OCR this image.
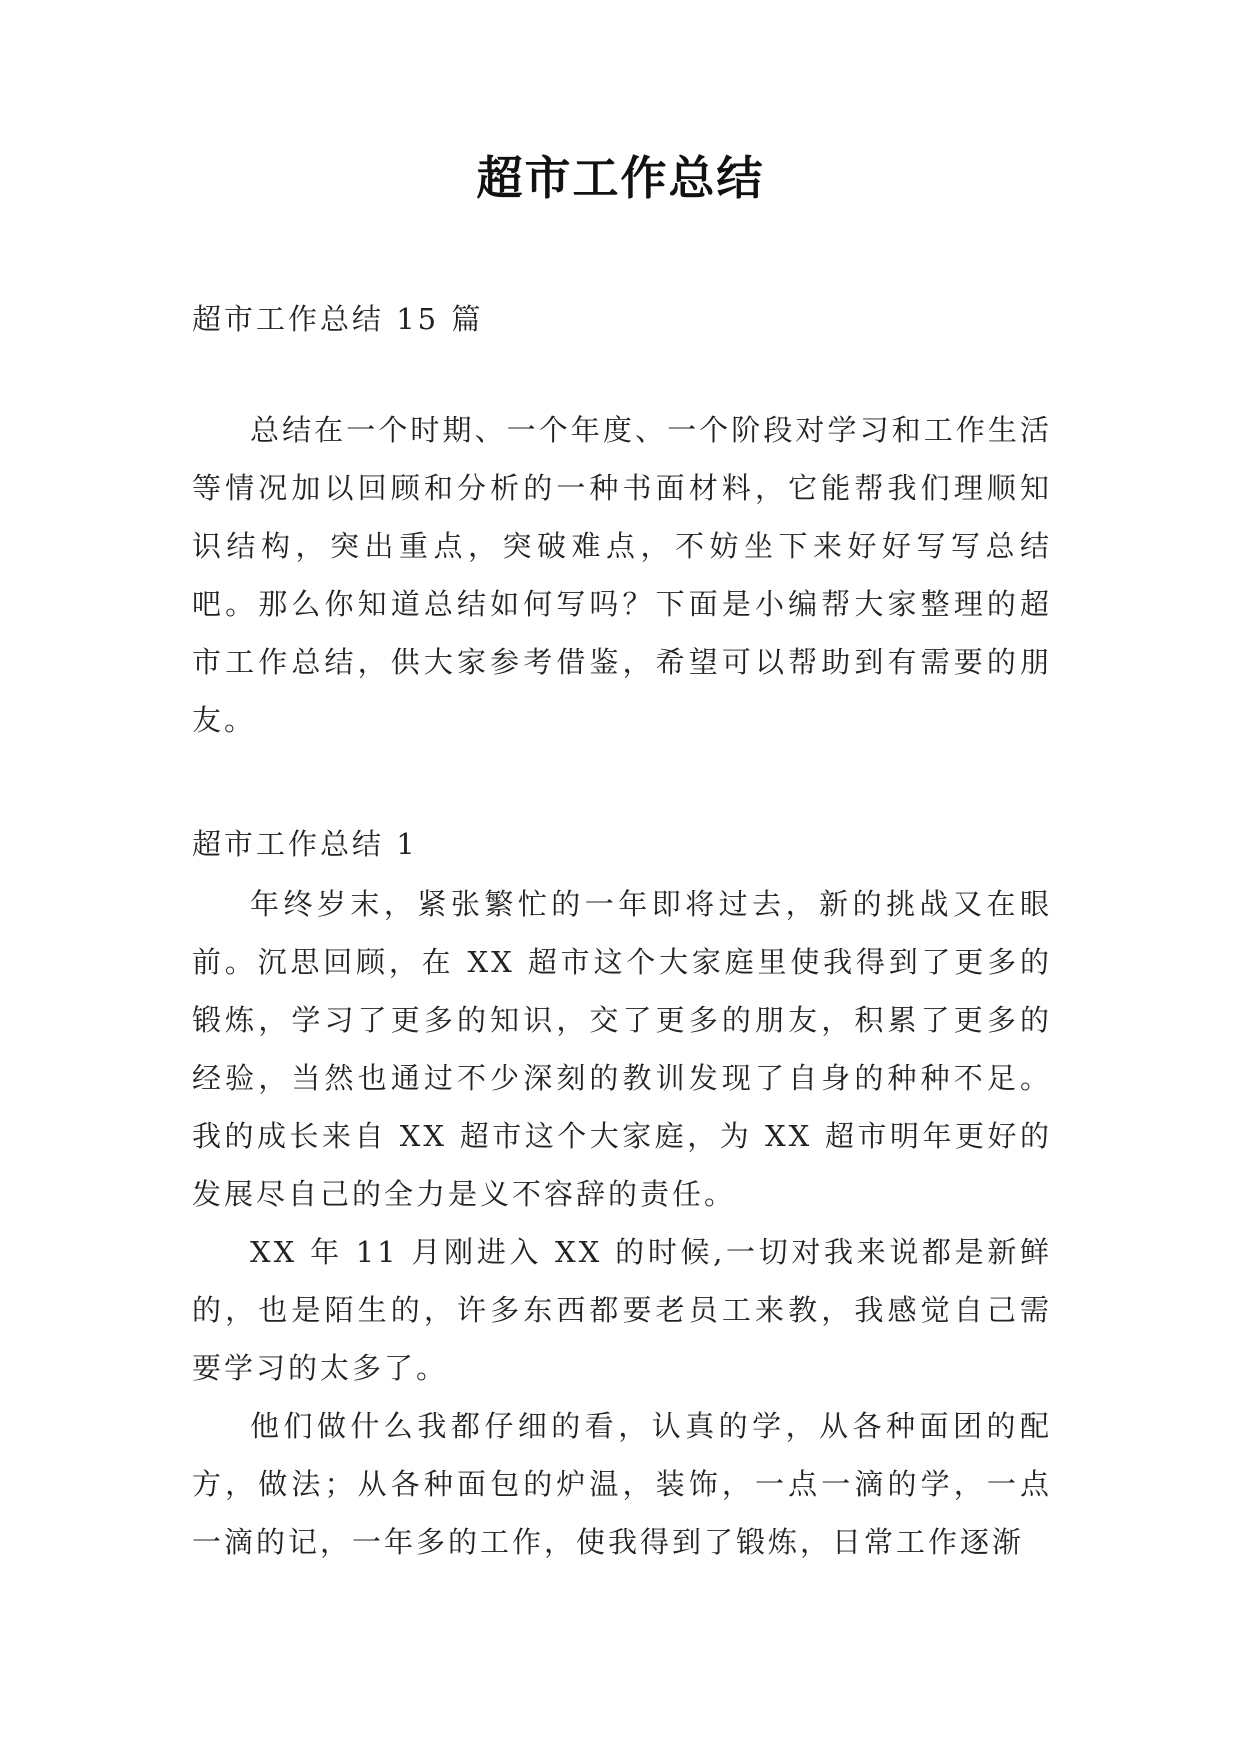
超市工作总结
超市工作总结 15 篇

总结在一个时期、一个年度、一个阶段对学习和工作生活等情况加以回顾和分析的一种书面材料，它能帮我们理顺知识结构，突出重点，突破难点，不妨坐下来好好写写总结吧。那么你知道总结如何写吗？下面是小编帮大家整理的超市工作总结，供大家参考借鉴，希望可以帮助到有需要的朋友。

超市工作总结 1

年终岁末，紧张繁忙的一年即将过去，新的挑战又在眼前。沉思回顾，在 XX 超市这个大家庭里使我得到了更多的锻炼，学习了更多的知识，交了更多的朋友，积累了更多的经验，当然也通过不少深刻的教训发现了自身的种种不足。我的成长来自 XX 超市这个大家庭，为 XX 超市明年更好的发展尽自己的全力是义不容辞的责任。

XX 年 11 月刚进入 XX 的时候,一切对我来说都是新鲜的，也是陌生的，许多东西都要老员工来教，我感觉自己需要学习的太多了。

他们做什么我都仔细的看，认真的学，从各种面团的配方，做法；从各种面包的炉温，装饰，一点一滴的学，一点一滴的记，一年多的工作，使我得到了锻炼，日常工作逐渐
